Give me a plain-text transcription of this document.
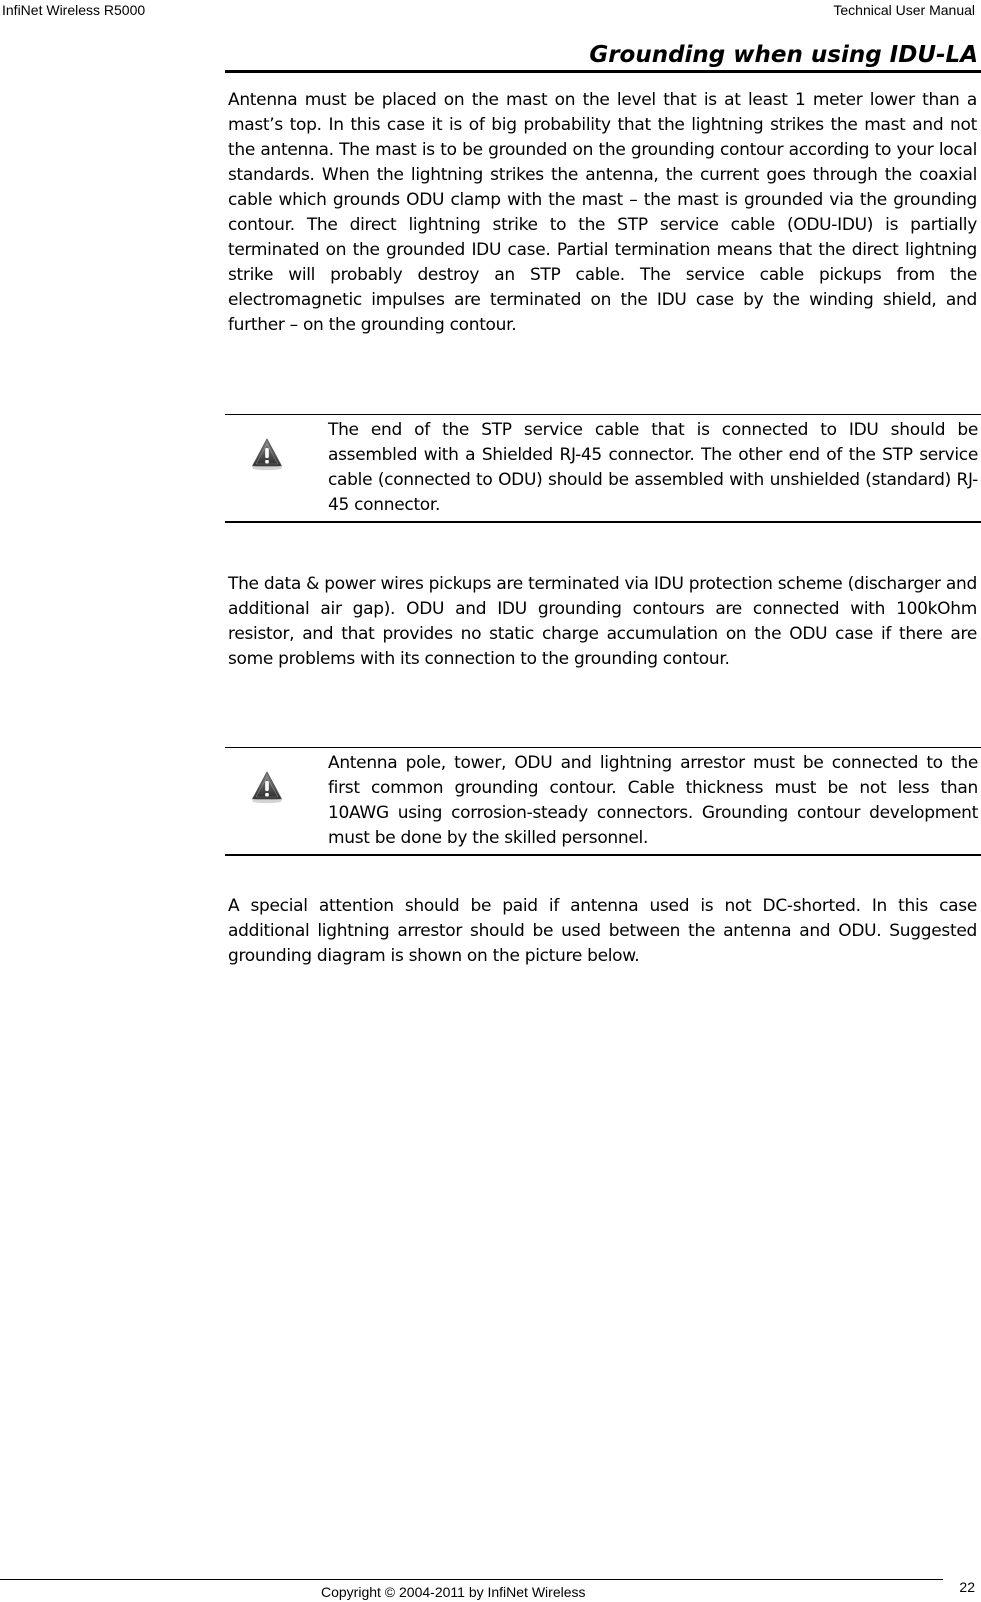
InfiNet Wireless R5000	Technical User Manual
Grounding when using IDU-LA

Antenna must be placed on the mast on the level that is at least 1 meter lower than a mast’s top. In this case it is of big probability that the lightning strikes the mast and not the antenna. The mast is to be grounded on the grounding contour according to your local standards. When the lightning strikes the antenna, the current goes through the coaxial cable which grounds ODU clamp with the mast – the mast is grounded via the grounding contour. The direct lightning strike to the STP service cable (ODU-IDU) is partially terminated on the grounded IDU case. Partial termination means that the direct lightning strike will probably destroy an STP cable. The service cable pickups from the electromagnetic impulses are terminated on the IDU case by the winding shield, and further – on the grounding contour.

The end of the STP service cable that is connected to IDU should be assembled with a Shielded RJ-45 connector. The other end of the STP service cable (connected to ODU) should be assembled with unshielded (standard) RJ-45 connector.

The data & power wires pickups are terminated via IDU protection scheme (discharger and additional air gap). ODU and IDU grounding contours are connected with 100kOhm resistor, and that provides no static charge accumulation on the ODU case if there are some problems with its connection to the grounding contour.

Antenna pole, tower, ODU and lightning arrestor must be connected to the first common grounding contour. Cable thickness must be not less than 10AWG using corrosion-steady connectors. Grounding contour development must be done by the skilled personnel.

A special attention should be paid if antenna used is not DC-shorted. In this case additional lightning arrestor should be used between the antenna and ODU. Suggested grounding diagram is shown on the picture below.

Copyright © 2004-2011 by InfiNet Wireless	22
